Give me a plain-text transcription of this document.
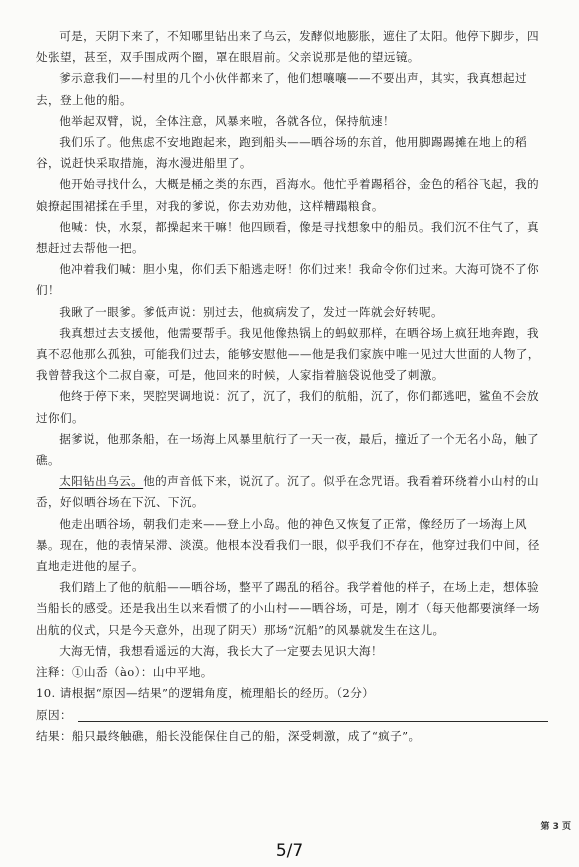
可是，天阴下来了，不知哪里钻出来了乌云，发酵似地膨胀，遮住了太阳。他停下脚步，四处张望，甚至，双手围成两个圈，罩在眼眉前。父亲说那是他的望远镜。

爹示意我们——村里的几个小伙伴都来了，他们想嚷嚷——不要出声，其实，我真想起过去，登上他的船。

他举起双臂，说，全体注意，风暴来啦，各就各位，保持航速！

我们乐了。他焦虑不安地跑起来，跑到船头——晒谷场的东首，他用脚踢踢摊在地上的稻谷，说赶快采取措施，海水漫进船里了。

他开始寻找什么，大概是桶之类的东西，舀海水。他忙乎着踢稻谷，金色的稻谷飞起，我的娘撩起围裙揉在手里，对我的爹说，你去劝劝他，这样糟蹋粮食。

他喊：快，水泵，都操起来干嘛！他四顾看，像是寻找想象中的船员。我们沉不住气了，真想赶过去帮他一把。

他冲着我们喊：胆小鬼，你们丢下船逃走呀！你们过来！我命令你们过来。大海可饶不了你们！

我瞅了一眼爹。爹低声说：别过去，他疯病发了，发过一阵就会好转呢。

我真想过去支援他，他需要帮手。我见他像热锅上的蚂蚁那样，在晒谷场上疯狂地奔跑，我真不忍他那么孤独，可能我们过去，能够安慰他——他是我们家族中唯一见过大世面的人物了，我曾替我这个二叔自豪，可是，他回来的时候，人家指着脑袋说他受了刺激。

他终于停下来，哭腔哭调地说：沉了，沉了，我们的航船，沉了，你们都逃吧，鲨鱼不会放过你们。

据爹说，他那条船，在一场海上风暴里航行了一天一夜，最后，撞近了一个无名小岛，触了礁。

太阳钻出乌云。他的声音低下来，说沉了。沉了。似乎在念咒语。我看着环绕着小山村的山岙，好似晒谷场在下沉、下沉。

他走出晒谷场，朝我们走来——登上小岛。他的神色又恢复了正常，像经历了一场海上风暴。现在，他的表情呆滞、淡漠。他根本没看我们一眼，似乎我们不存在，他穿过我们中间，径直地走进他的屋子。

我们踏上了他的航船——晒谷场，整平了踢乱的稻谷。我学着他的样子，在场上走，想体验当船长的感受。还是我出生以来看惯了的小山村——晒谷场，可是，刚才（每天他都要演绎一场出航的仪式，只是今天意外，出现了阴天）那场“沉船”的风暴就发生在这儿。

大海无情，我想看遥远的大海，我长大了一定要去见识大海！

注释：①山岙（ào）：山中平地。

10. 请根据“原因—结果”的逻辑角度，梳理船长的经历。（2分）

原因：

结果：船只最终触礁，船长没能保住自己的船，深受刺激，成了“疯子”。

第 3 页
5/7
